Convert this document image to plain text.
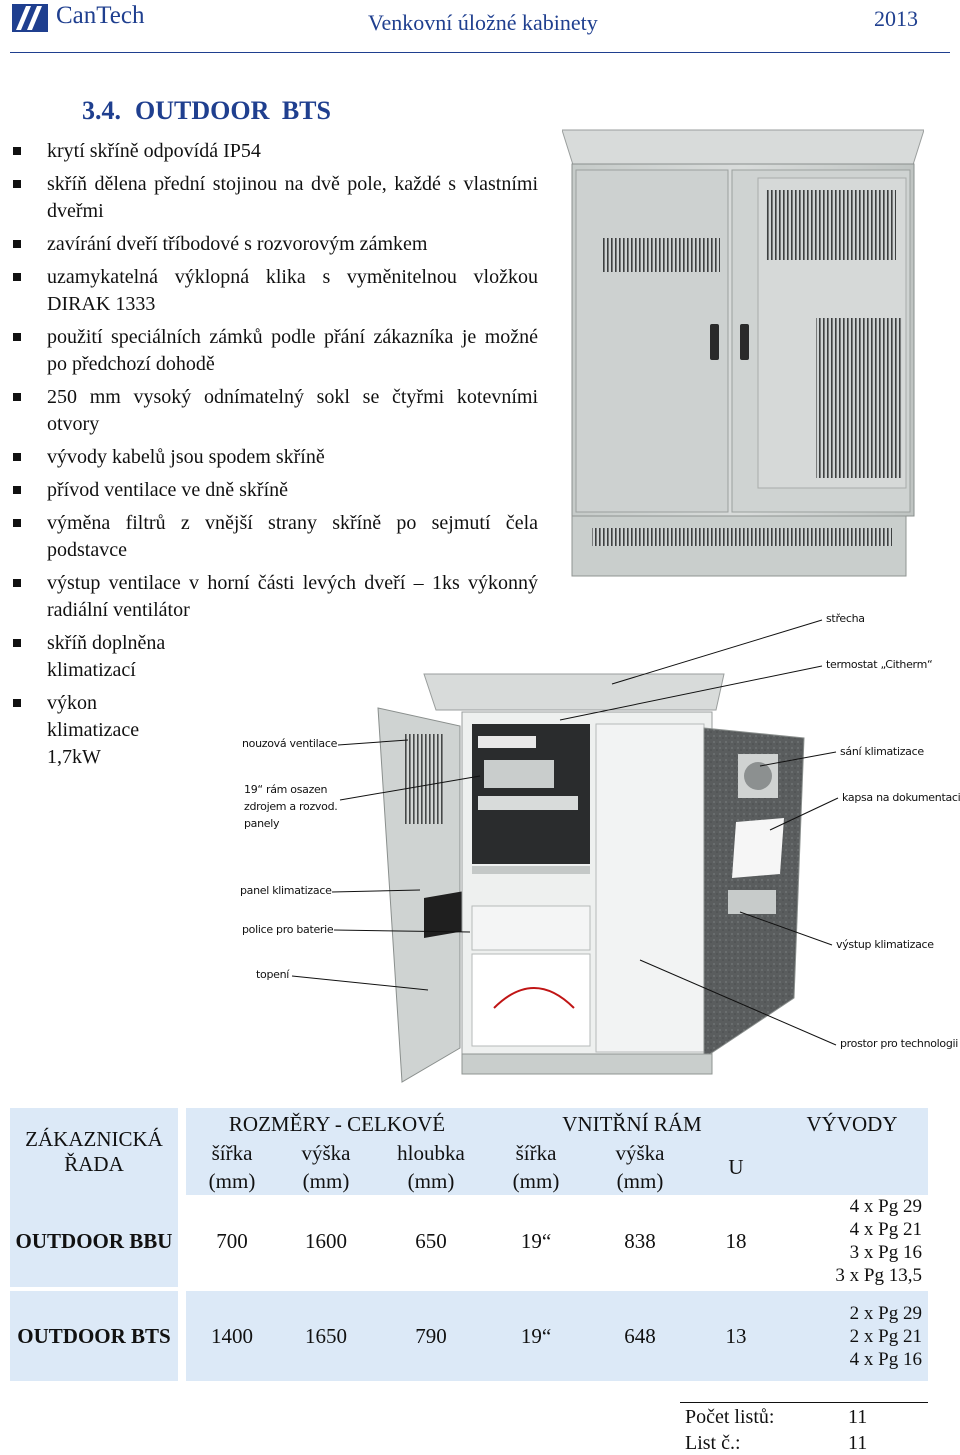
CanTech	Venkovní úložné kabinety	2013
3.4. OUTDOOR BTS
krytí skříně odpovídá IP54
skříň dělena přední stojinou na dvě pole, každé s vlastními dveřmi
zavírání dveří tříbodové s rozvorovým zámkem
uzamykatelná výklopná klika s vyměnitelnou vložkou DIRAK 1333
použití speciálních zámků podle přání zákazníka je možné po předchozí dohodě
250 mm vysoký odnímatelný sokl se čtyřmi kotevními otvory
vývody kabelů jsou spodem skříně
přívod ventilace ve dně skříně
výměna filtrů z vnější strany skříně po sejmutí čela podstavce
výstup ventilace v horní části levých dveří – 1ks výkonný radiální ventilátor
skříň doplněna klimatizací
výkon klimatizace 1,7kW
střecha
termostat „Citherm“
nouzová ventilace
19“ rám osazen zdrojem a rozvod. panely
sání klimatizace
kapsa na dokumentaci
panel klimatizace
police pro baterie
topení
výstup klimatizace
prostor pro technologii
ZÁKAZNICKÁ ŘADA		ROZMĚRY - CELKOVÉ			VNITŘNÍ RÁM			VÝVODY
		šířka	výška	hloubka	šířka	výška	U	
		(mm)	(mm)	(mm)	(mm)	(mm)		
OUTDOOR BBU		700	1600	650	19“	838	18	4 x Pg 29
4 x Pg 21
3 x Pg 16
3 x Pg 13,5

OUTDOOR BTS		1400	1650	790	19“	648	13	2 x Pg 29
2 x Pg 21
4 x Pg 16
Počet listů:	11
List č.:	11
